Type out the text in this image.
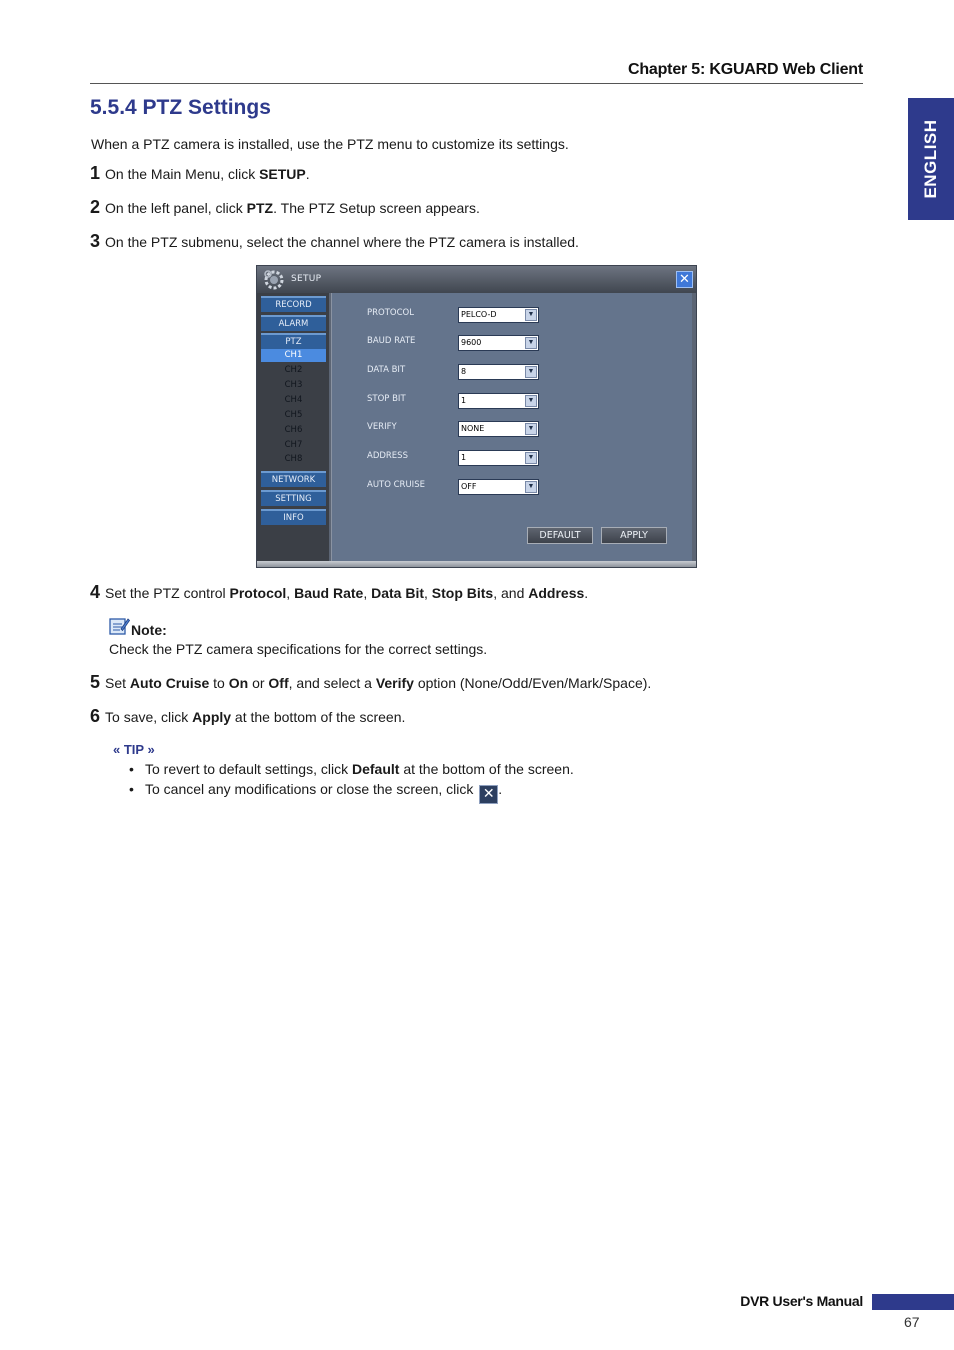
Chapter 5: KGUARD Web Client
ENGLISH
5.5.4 PTZ Settings
When a PTZ camera is installed, use the PTZ menu to customize its settings.
1 On the Main Menu, click SETUP.
2 On the left panel, click PTZ. The PTZ Setup screen appears.
3 On the PTZ submenu, select the channel where the PTZ camera is installed.
SETUP	✕
RECORD
ALARM
PTZ
CH1
CH2
CH3
CH4
CH5
CH6
CH7
CH8
NETWORK
SETTING
INFO
PROTOCOL	PELCO-D	▼
BAUD RATE	9600	▼
DATA BIT	8	▼
STOP BIT	1	▼
VERIFY	NONE	▼
ADDRESS	1	▼
AUTO CRUISE	OFF	▼
DEFAULT	APPLY
4 Set the PTZ control Protocol, Baud Rate, Data Bit, Stop Bits, and Address.
Note:
Check the PTZ camera specifications for the correct settings.
5 Set Auto Cruise to On or Off, and select a Verify option (None/Odd/Even/Mark/Space).
6 To save, click Apply at the bottom of the screen.
« TIP »
• To revert to default settings, click Default at the bottom of the screen.
• To cancel any modifications or close the screen, click ✕ .
DVR User's Manual
67
